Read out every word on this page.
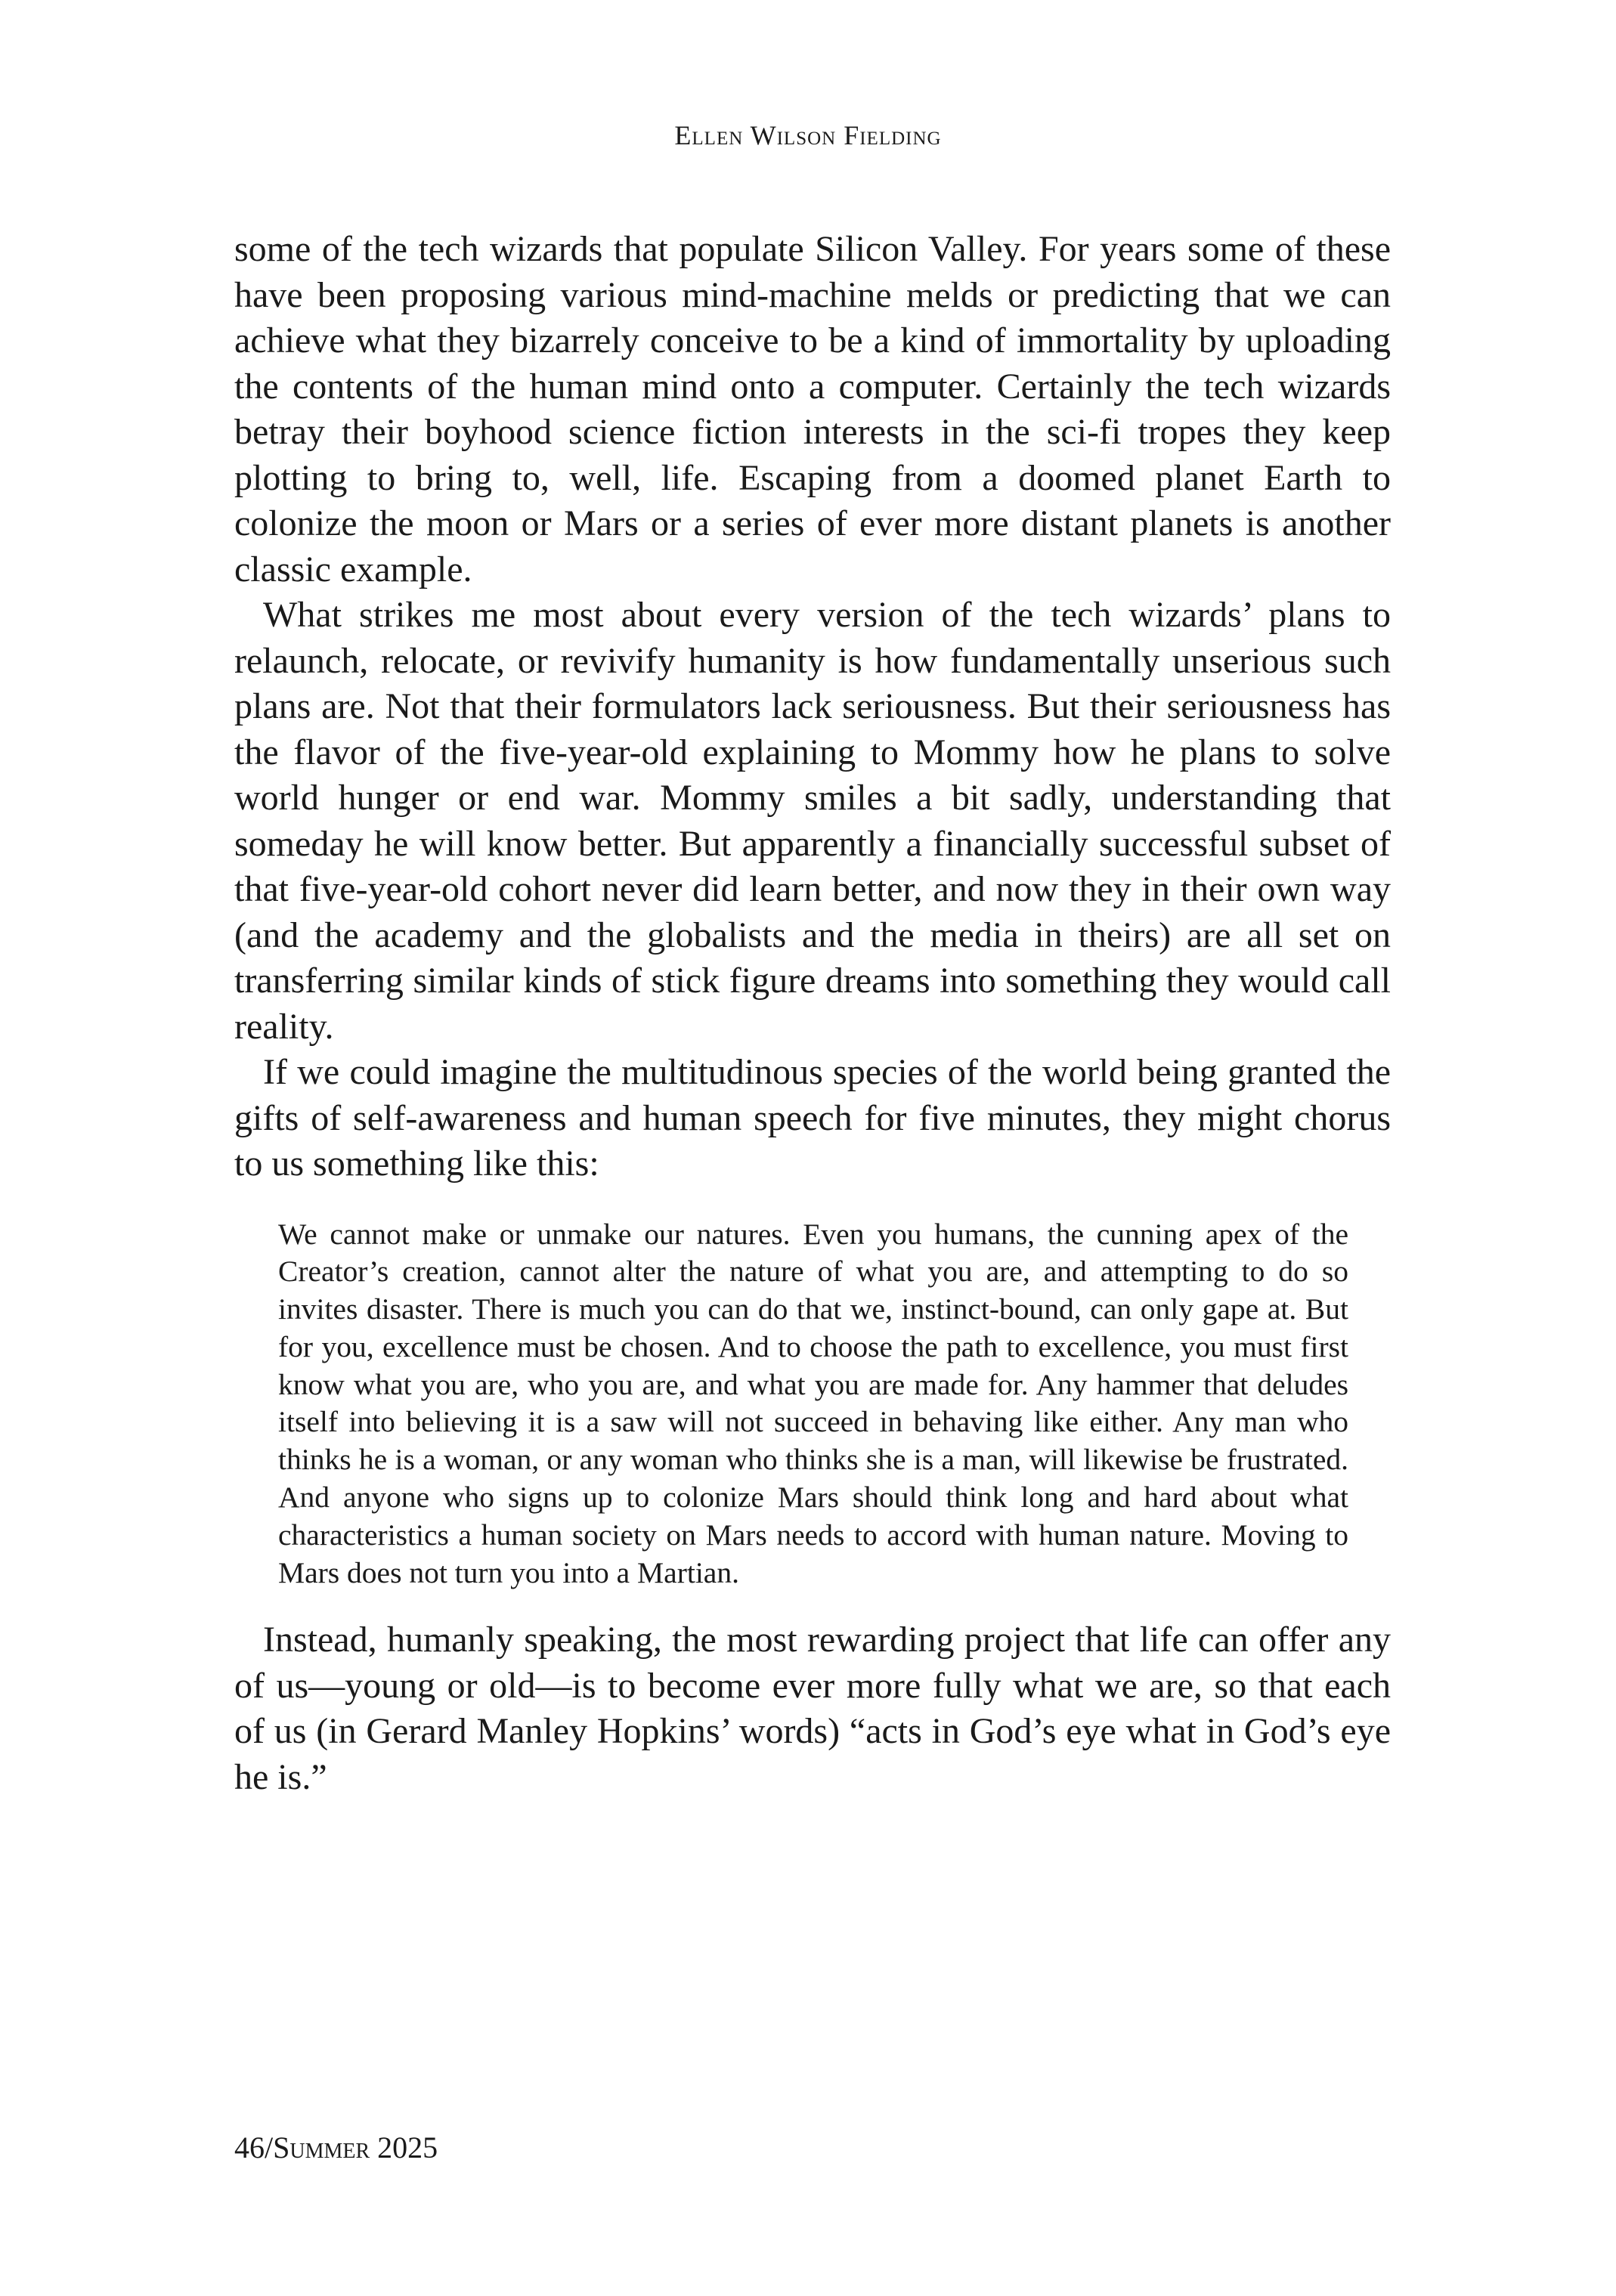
Ellen Wilson Fielding

some of the tech wizards that populate Silicon Valley. For years some of these have been proposing various mind-machine melds or predicting that we can achieve what they bizarrely conceive to be a kind of immortality by uploading the contents of the human mind onto a computer. Certainly the tech wizards betray their boyhood science fiction interests in the sci-fi tropes they keep plotting to bring to, well, life. Escaping from a doomed planet Earth to colonize the moon or Mars or a series of ever more distant planets is another classic example.

What strikes me most about every version of the tech wizards’ plans to relaunch, relocate, or revivify humanity is how fundamentally unserious such plans are. Not that their formulators lack seriousness. But their seriousness has the flavor of the five-year-old explaining to Mommy how he plans to solve world hunger or end war. Mommy smiles a bit sadly, understanding that someday he will know better. But apparently a financially successful subset of that five-year-old cohort never did learn better, and now they in their own way (and the academy and the globalists and the media in theirs) are all set on transferring similar kinds of stick figure dreams into something they would call reality.

If we could imagine the multitudinous species of the world being granted the gifts of self-awareness and human speech for five minutes, they might chorus to us something like this:

We cannot make or unmake our natures. Even you humans, the cunning apex of the Creator’s creation, cannot alter the nature of what you are, and attempting to do so invites disaster. There is much you can do that we, instinct-bound, can only gape at. But for you, excellence must be chosen. And to choose the path to excellence, you must first know what you are, who you are, and what you are made for. Any hammer that deludes itself into believing it is a saw will not succeed in behaving like either. Any man who thinks he is a woman, or any woman who thinks she is a man, will likewise be frustrated. And anyone who signs up to colonize Mars should think long and hard about what characteristics a human society on Mars needs to accord with human nature. Moving to Mars does not turn you into a Martian.

Instead, humanly speaking, the most rewarding project that life can offer any of us—young or old—is to become ever more fully what we are, so that each of us (in Gerard Manley Hopkins’ words) “acts in God’s eye what in God’s eye he is.”

46/Summer 2025
